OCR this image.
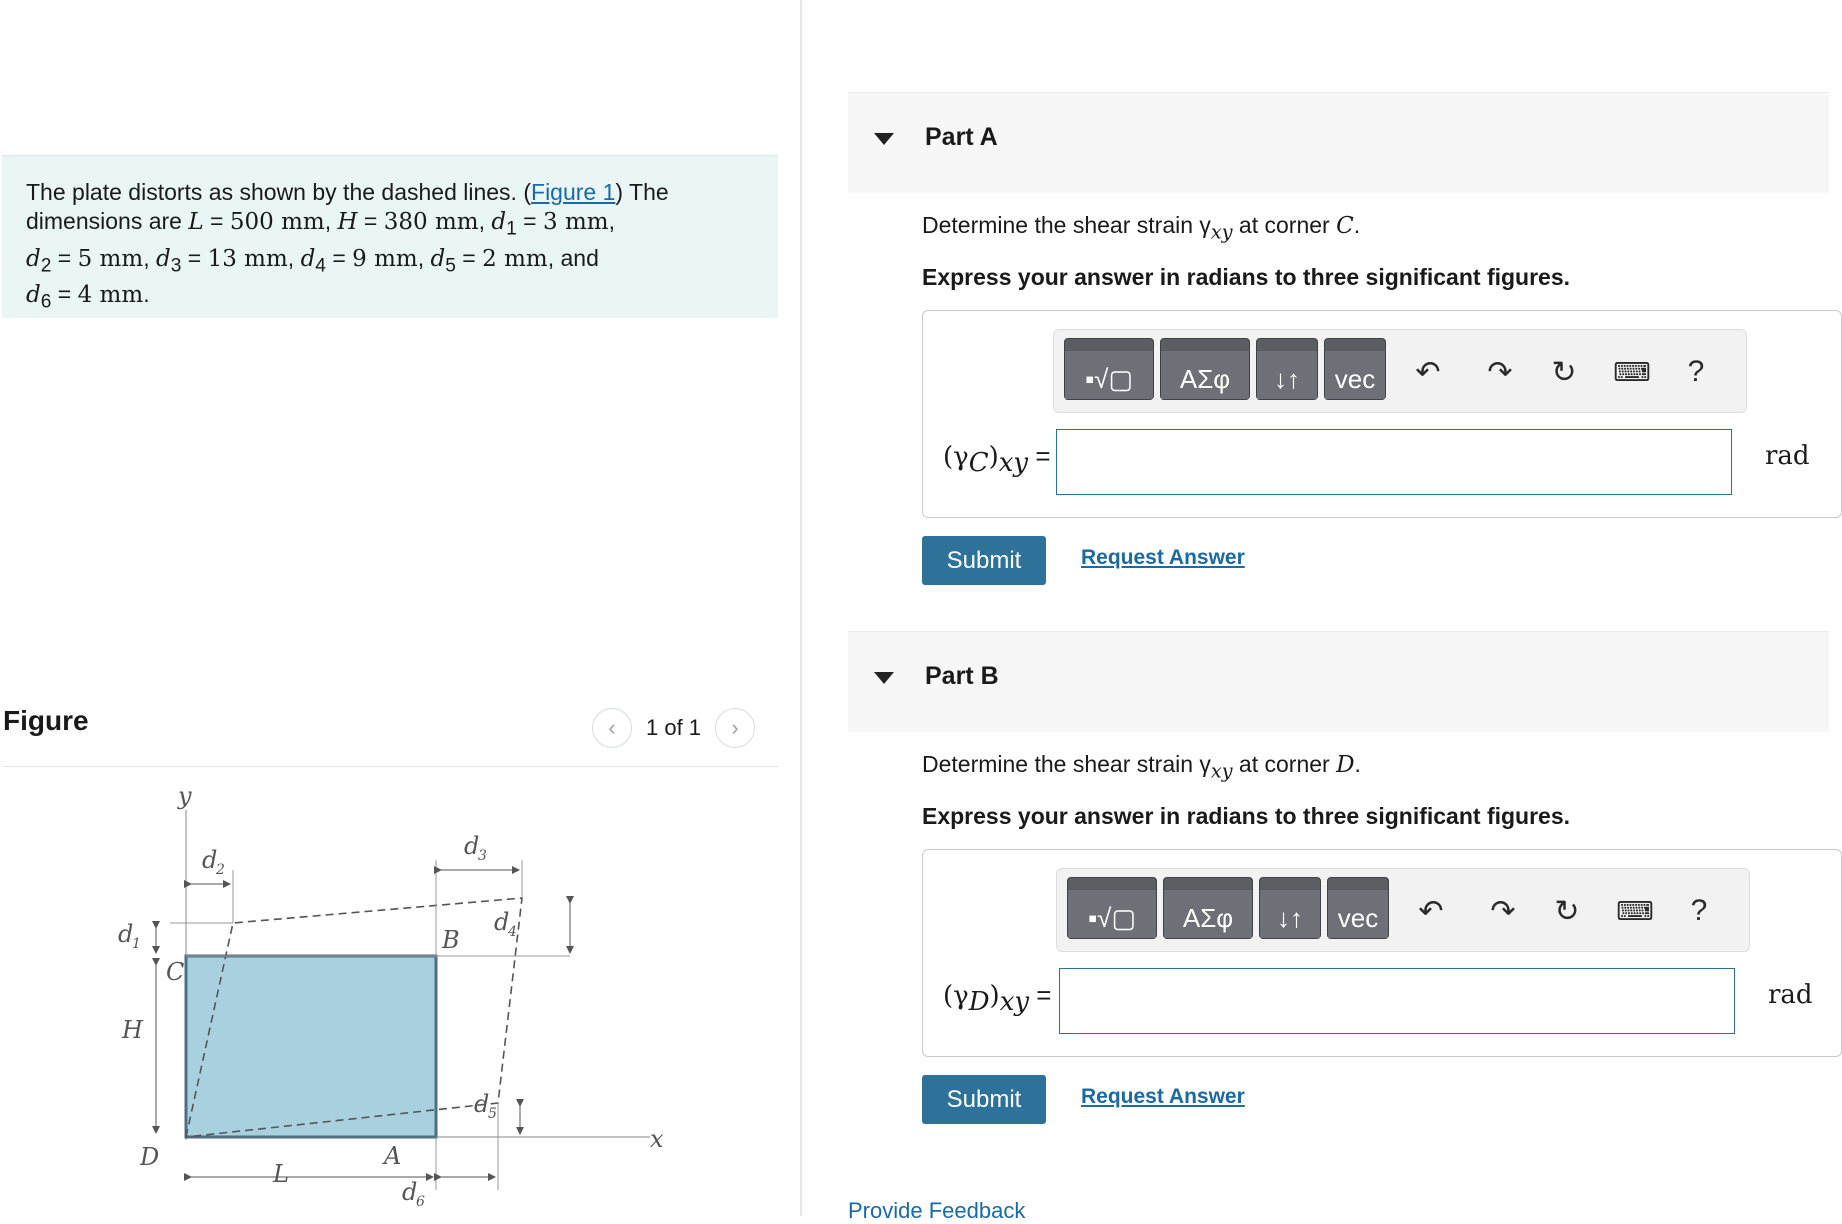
The plate distorts as shown by the dashed lines. (Figure 1) The dimensions are L = 500 mm, H = 380 mm, $d_1 = 3$ mm,
$d_2 = 5$ mm, $d_3 = 13$ mm, $d_4 = 9$ mm, $d_5 = 2$ mm, and
$d_6 = 4$ mm.
Figure	‹ 1 of 1 ›
y
x
C
B
D	A
H
L
d
3
d
2
d
1
d
4
d
5
d
6
Part A
Determine the shear strain $\gamma_{xy}$ at corner C.
Express your answer in radians to three significant figures.
▪√▢	ΑΣφ	↓↑	vec	↶	↷	↻	⌨ ?
$(\gamma_C)_{xy}$ =	rad
Submit	Request Answer
Part B
Determine the shear strain $\gamma_{xy}$ at corner D.
Express your answer in radians to three significant figures.
▪√▢	ΑΣφ	↓↑	vec	↶	↷	↻	⌨ ?
$(\gamma_D)_{xy}$ =	rad
Submit	Request Answer
Provide Feedback
